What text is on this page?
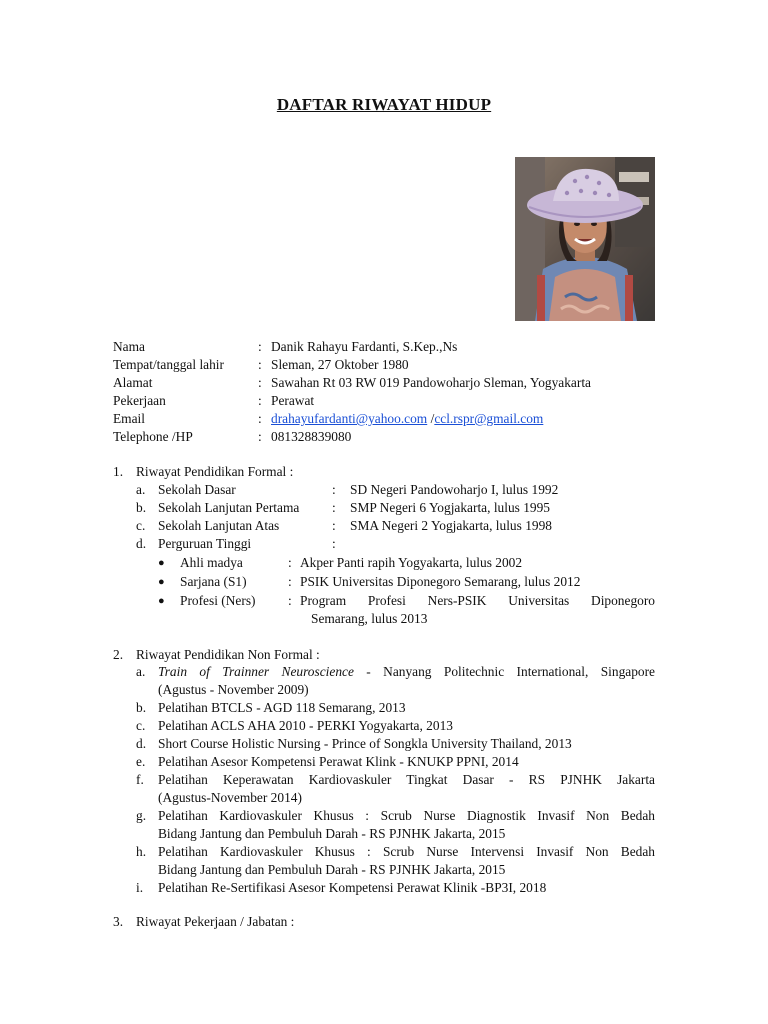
DAFTAR RIWAYAT HIDUP
Nama	: Danik Rahayu Fardanti, S.Kep.,Ns
Tempat/tanggal lahir	: Sleman, 27 Oktober 1980
Alamat	: Sawahan Rt 03 RW 019 Pandowoharjo Sleman, Yogyakarta
Pekerjaan	: Perawat
Email	: drahayufardanti@yahoo.com /ccl.rspr@gmail.com
Telephone /HP	: 081328839080
1. Riwayat Pendidikan Formal :
a. Sekolah Dasar	: SD Negeri Pandowoharjo I, lulus 1992
b. Sekolah Lanjutan Pertama : SMP Negeri 6 Yogjakarta, lulus 1995
c. Sekolah Lanjutan Atas	: SMA Negeri 2 Yogjakarta, lulus 1998
d. Perguruan Tinggi	:
● Ahli madya	: Akper Panti rapih Yogyakarta, lulus 2002
● Sarjana (S1)	: PSIK Universitas Diponegoro Semarang, lulus 2012
● Profesi (Ners) : Program Profesi Ners-PSIK Universitas Diponegoro
Semarang, lulus 2013
2. Riwayat Pendidikan Non Formal :
a. Train of Trainner Neuroscience - Nanyang Politechnic International, Singapore
(Agustus - November 2009)
b. Pelatihan BTCLS - AGD 118 Semarang, 2013
c. Pelatihan ACLS AHA 2010 - PERKI Yogyakarta, 2013
d. Short Course Holistic Nursing - Prince of Songkla University Thailand, 2013
e. Pelatihan Asesor Kompetensi Perawat Klink - KNUKP PPNI, 2014
f. Pelatihan Keperawatan Kardiovaskuler Tingkat Dasar - RS PJNHK Jakarta
(Agustus-November 2014)
g. Pelatihan Kardiovaskuler Khusus : Scrub Nurse Diagnostik Invasif Non Bedah
Bidang Jantung dan Pembuluh Darah - RS PJNHK Jakarta, 2015
h. Pelatihan Kardiovaskuler Khusus : Scrub Nurse Intervensi Invasif Non Bedah
Bidang Jantung dan Pembuluh Darah - RS PJNHK Jakarta, 2015
i. Pelatihan Re-Sertifikasi Asesor Kompetensi Perawat Klinik -BP3I, 2018
3. Riwayat Pekerjaan / Jabatan :
